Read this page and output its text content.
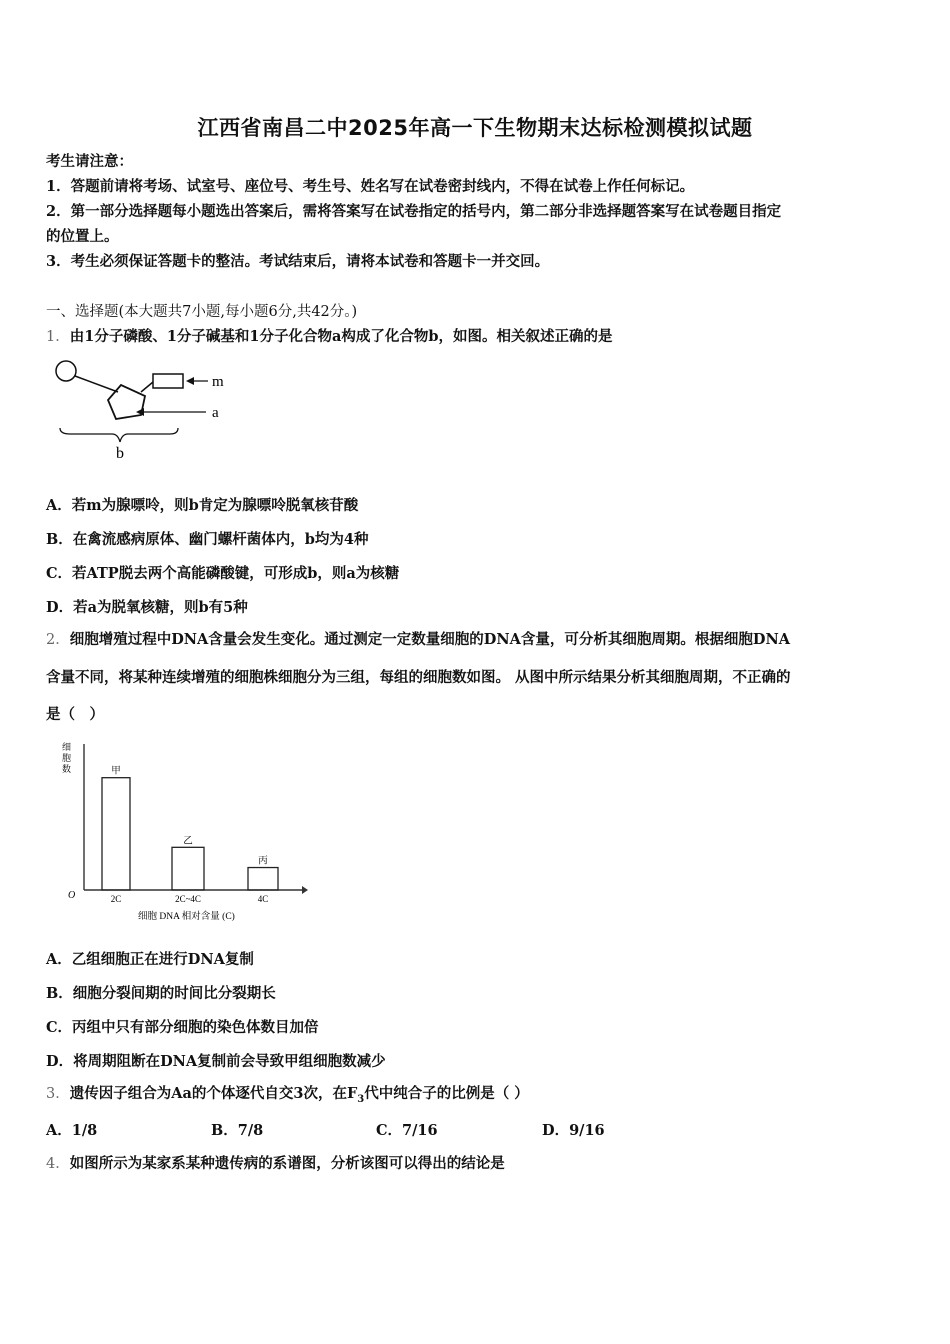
江西省南昌二中2025年高一下生物期末达标检测模拟试题
考生请注意：
1．答题前请将考场、试室号、座位号、考生号、姓名写在试卷密封线内，不得在试卷上作任何标记。
2．第一部分选择题每小题选出答案后，需将答案写在试卷指定的括号内，第二部分非选择题答案写在试卷题目指定
的位置上。
3．考生必须保证答题卡的整洁。考试结束后，请将本试卷和答题卡一并交回。
一、选择题(本大题共7小题,每小题6分,共42分。)
1．由1分子磷酸、1分子碱基和1分子化合物a构成了化合物b，如图。相关叙述正确的是
m
a
b
A．若m为腺嘌呤，则b肯定为腺嘌呤脱氧核苷酸
B．在禽流感病原体、幽门螺杆菌体内，b均为4种
C．若ATP脱去两个高能磷酸键，可形成b，则a为核糖
D．若a为脱氧核糖，则b有5种
2．细胞增殖过程中DNA含量会发生变化。通过测定一定数量细胞的DNA含量，可分析其细胞周期。根据细胞DNA
含量不同，将某种连续增殖的细胞株细胞分为三组，每组的细胞数如图。 从图中所示结果分析其细胞周期，不正确的
是（　）
细
胞
数
O
甲
2C
乙
2C~4C
丙
4C
细胞 DNA 相对含量 (C)
A．乙组细胞正在进行DNA复制
B．细胞分裂间期的时间比分裂期长
C．丙组中只有部分细胞的染色体数目加倍
D．将周期阻断在DNA复制前会导致甲组细胞数减少
3．遗传因子组合为Aa的个体逐代自交3次，在$F_3$代中纯合子的比例是（ ）
A．1/8	B．7/8	C．7/16	D．9/16
4．如图所示为某家系某种遗传病的系谱图，分析该图可以得出的结论是
